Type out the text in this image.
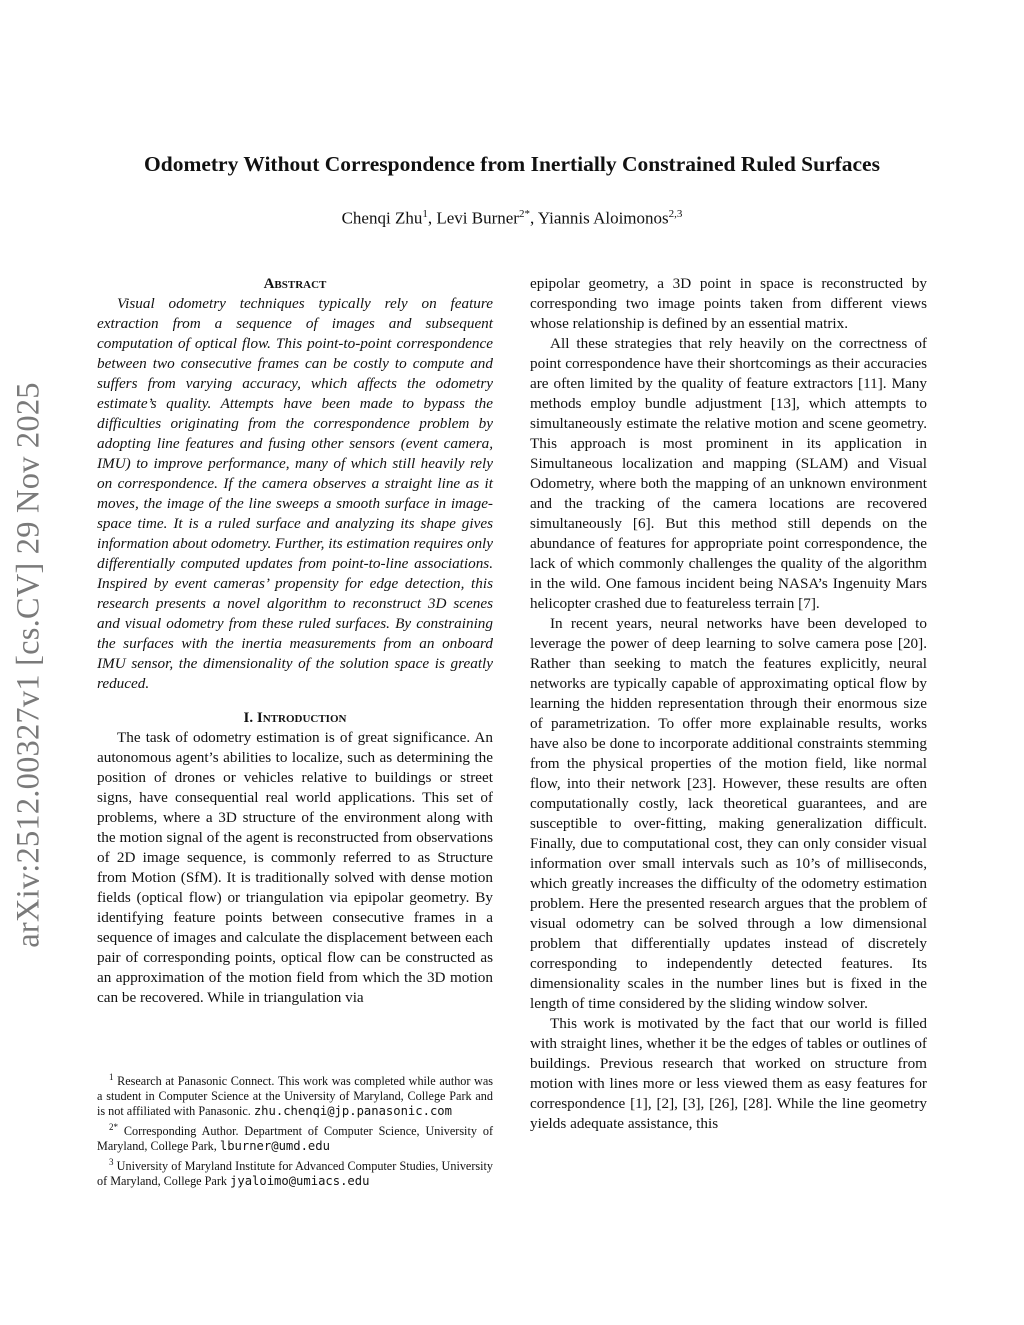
arXiv:2512.00327v1 [cs.CV] 29 Nov 2025
Odometry Without Correspondence from Inertially Constrained Ruled Surfaces

Chenqi Zhu$^1$, Levi Burner$^{2*}$, Yiannis Aloimonos$^{2,3}$

Abstract

Visual odometry techniques typically rely on feature extraction from a sequence of images and subsequent computation of optical flow. This point-to-point correspondence between two consecutive frames can be costly to compute and suffers from varying accuracy, which affects the odometry estimate’s quality. Attempts have been made to bypass the difficulties originating from the correspondence problem by adopting line features and fusing other sensors (event camera, IMU) to improve performance, many of which still heavily rely on correspondence. If the camera observes a straight line as it moves, the image of the line sweeps a smooth surface in image-space time. It is a ruled surface and analyzing its shape gives information about odometry. Further, its estimation requires only differentially computed updates from point-to-line associations. Inspired by event cameras’ propensity for edge detection, this research presents a novel algorithm to reconstruct 3D scenes and visual odometry from these ruled surfaces. By constraining the surfaces with the inertia measurements from an onboard IMU sensor, the dimensionality of the solution space is greatly reduced.

I. Introduction

The task of odometry estimation is of great significance. An autonomous agent’s abilities to localize, such as determining the position of drones or vehicles relative to buildings or street signs, have consequential real world applications. This set of problems, where a 3D structure of the environment along with the motion signal of the agent is reconstructed from observations of 2D image sequence, is commonly referred to as Structure from Motion (SfM). It is traditionally solved with dense motion fields (optical flow) or triangulation via epipolar geometry. By identifying feature points between consecutive frames in a sequence of images and calculate the displacement between each pair of corresponding points, optical flow can be constructed as an approximation of the motion field from which the 3D motion can be recovered. While in triangulation via

$^1$ Research at Panasonic Connect. This work was completed while author was a student in Computer Science at the University of Maryland, College Park and is not affiliated with Panasonic. zhu.chenqi@jp.panasonic.com

$^{2*}$ Corresponding Author. Department of Computer Science, University of Maryland, College Park, lburner@umd.edu

$^3$ University of Maryland Institute for Advanced Computer Studies, University of Maryland, College Park jyaloimo@umiacs.edu

epipolar geometry, a 3D point in space is reconstructed by corresponding two image points taken from different views whose relationship is defined by an essential matrix.

All these strategies that rely heavily on the correctness of point correspondence have their shortcomings as their accuracies are often limited by the quality of feature extractors [11]. Many methods employ bundle adjustment [13], which attempts to simultaneously estimate the relative motion and scene geometry. This approach is most prominent in its application in Simultaneous localization and mapping (SLAM) and Visual Odometry, where both the mapping of an unknown environment and the tracking of the camera locations are recovered simultaneously [6]. But this method still depends on the abundance of features for appropriate point correspondence, the lack of which commonly challenges the quality of the algorithm in the wild. One famous incident being NASA’s Ingenuity Mars helicopter crashed due to featureless terrain [7].

In recent years, neural networks have been developed to leverage the power of deep learning to solve camera pose [20]. Rather than seeking to match the features explicitly, neural networks are typically capable of approximating optical flow by learning the hidden representation through their enormous size of parametrization. To offer more explainable results, works have also be done to incorporate additional constraints stemming from the physical properties of the motion field, like normal flow, into their network [23]. However, these results are often computationally costly, lack theoretical guarantees, and are susceptible to over-fitting, making generalization difficult. Finally, due to computational cost, they can only consider visual information over small intervals such as 10’s of milliseconds, which greatly increases the difficulty of the odometry estimation problem. Here the presented research argues that the problem of visual odometry can be solved through a low dimensional problem that differentially updates instead of discretely corresponding to independently detected features. Its dimensionality scales in the number lines but is fixed in the length of time considered by the sliding window solver.

This work is motivated by the fact that our world is filled with straight lines, whether it be the edges of tables or outlines of buildings. Previous research that worked on structure from motion with lines more or less viewed them as easy features for correspondence [1], [2], [3], [26], [28]. While the line geometry yields adequate assistance, this
